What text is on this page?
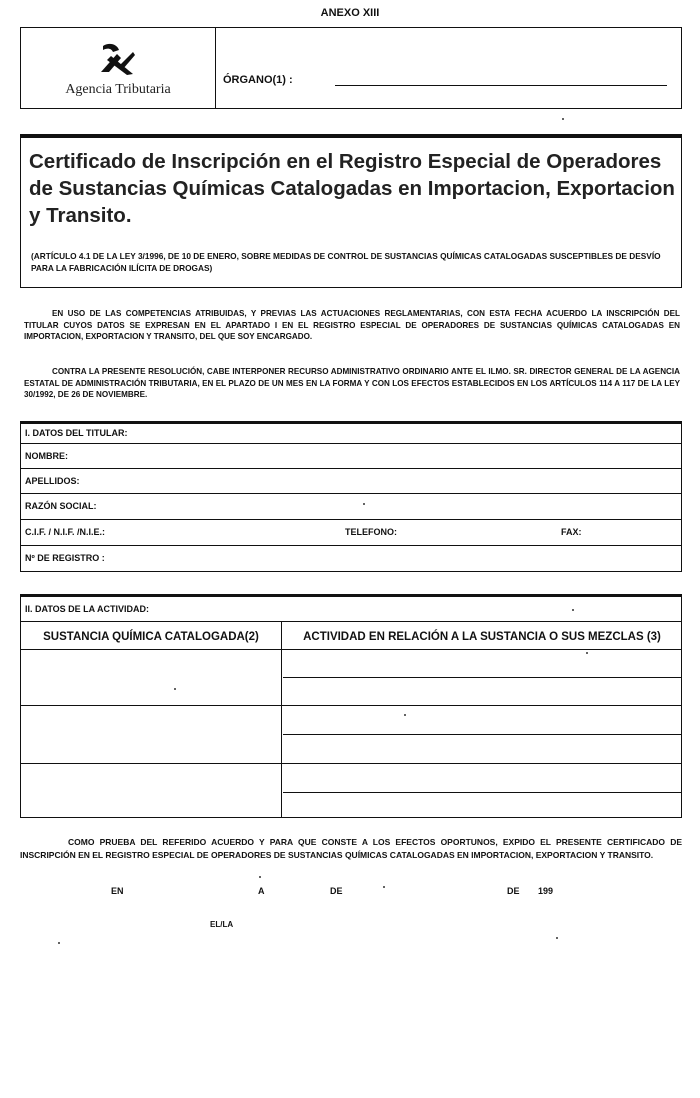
ANEXO XIII
Agencia Tributaria
ÓRGANO(1) :
Certificado de Inscripción en el Registro Especial de Operadores de Sustancias Químicas Catalogadas en Importacion, Exportacion y Transito.
(ARTÍCULO 4.1 DE LA LEY 3/1996, DE 10 DE ENERO, SOBRE MEDIDAS DE CONTROL DE SUSTANCIAS QUÍMICAS CATALOGADAS SUSCEPTIBLES DE DESVÍO PARA LA FABRICACIÓN ILÍCITA DE DROGAS)
EN USO DE LAS COMPETENCIAS ATRIBUIDAS, Y PREVIAS LAS ACTUACIONES REGLAMENTARIAS, CON ESTA FECHA ACUERDO LA INSCRIPCIÓN DEL TITULAR CUYOS DATOS SE EXPRESAN EN EL APARTADO I EN EL REGISTRO ESPECIAL DE OPERADORES DE SUSTANCIAS QUÍMICAS CATALOGADAS EN IMPORTACION, EXPORTACION Y TRANSITO, DEL QUE SOY ENCARGADO.
CONTRA LA PRESENTE RESOLUCIÓN, CABE INTERPONER RECURSO ADMINISTRATIVO ORDINARIO ANTE EL ILMO. SR. DIRECTOR GENERAL DE LA AGENCIA ESTATAL DE ADMINISTRACIÓN TRIBUTARIA, EN EL PLAZO DE UN MES EN LA FORMA Y CON LOS EFECTOS ESTABLECIDOS EN LOS ARTÍCULOS 114 A 117 DE LA LEY 30/1992, DE 26 DE NOVIEMBRE.
I. DATOS DEL TITULAR:
NOMBRE:
APELLIDOS:
RAZÓN SOCIAL:
C.I.F. / N.I.F. /N.I.E.:	TELEFONO:	FAX:
Nº DE REGISTRO :
II. DATOS DE LA ACTIVIDAD:
SUSTANCIA QUÍMICA CATALOGADA(2)	ACTIVIDAD EN RELACIÓN A LA SUSTANCIA O SUS MEZCLAS (3)
COMO PRUEBA DEL REFERIDO ACUERDO Y PARA QUE CONSTE A LOS EFECTOS OPORTUNOS, EXPIDO EL PRESENTE CERTIFICADO DE INSCRIPCIÓN EN EL REGISTRO ESPECIAL DE OPERADORES DE SUSTANCIAS QUÍMICAS CATALOGADAS EN IMPORTACION, EXPORTACION Y TRANSITO.
EN	A	DE	DE 199
EL/LA
